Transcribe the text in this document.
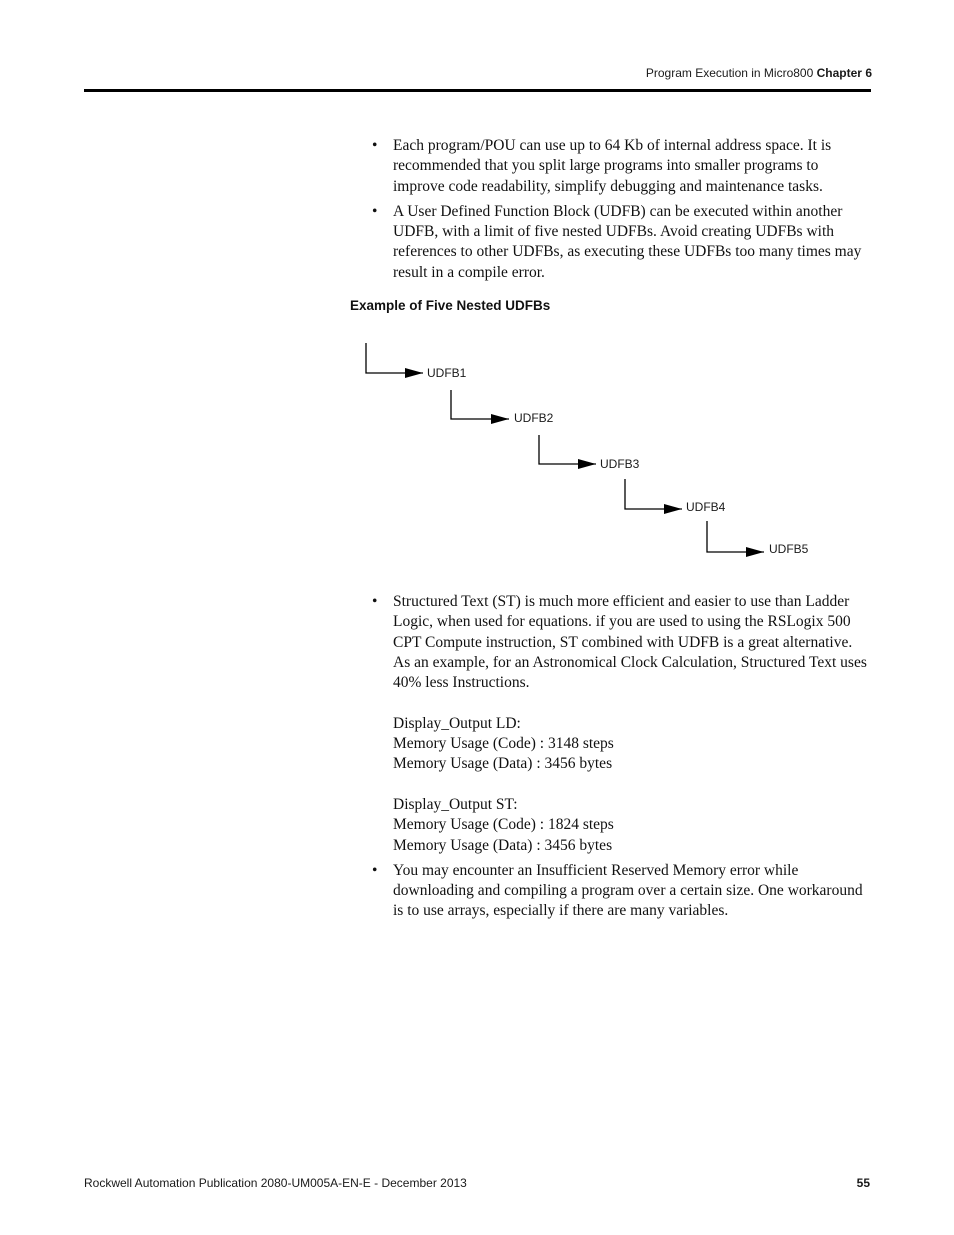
Program Execution in Micro800 Chapter 6
• Each program/POU can use up to 64 Kb of internal address space. It is recommended that you split large programs into smaller programs to improve code readability, simplify debugging and maintenance tasks.
• A User Defined Function Block (UDFB) can be executed within another UDFB, with a limit of five nested UDFBs. Avoid creating UDFBs with references to other UDFBs, as executing these UDFBs too many times may result in a compile error.
Example of Five Nested UDFBs
UDFB1
UDFB2
UDFB3
UDFB4
UDFB5
• Structured Text (ST) is much more efficient and easier to use than Ladder Logic, when used for equations. if you are used to using the RSLogix 500 CPT Compute instruction, ST combined with UDFB is a great alternative.
As an example, for an Astronomical Clock Calculation, Structured Text uses 40% less Instructions.
Display_Output LD:
Memory Usage (Code) : 3148 steps
Memory Usage (Data) : 3456 bytes
Display_Output ST:
Memory Usage (Code) : 1824 steps
Memory Usage (Data) : 3456 bytes
• You may encounter an Insufficient Reserved Memory error while downloading and compiling a program over a certain size. One workaround is to use arrays, especially if there are many variables.
Rockwell Automation Publication 2080-UM005A-EN-E - December 2013	55
